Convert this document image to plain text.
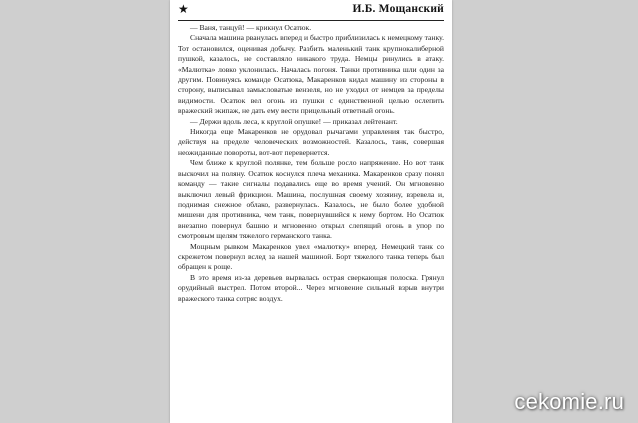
★	И.Б. Мощанский

— Ваня, танцуй! — крикнул Осатюк.

Сначала машина рванулась вперед и быстро приблизилась к немецкому танку. Тот остановился, оценивая добычу. Разбить маленький танк крупнокалиберной пушкой, казалось, не составляло никакого труда. Немцы ринулись в атаку. «Малютка» ловко уклонилась. Началась погоня. Танки противника шли один за другим. Повинуясь команде Осатюка, Макаренков кидал машину из стороны в сторону, выписывал замысловатые вензеля, но не уходил от немцев за пределы видимости. Осатюк вел огонь из пушки с единственной целью ослепить вражеский экипаж, не дать ему вести прицельный ответный огонь.

— Держи вдоль леса, к круглой опушке! — приказал лейтенант.

Никогда еще Макаренков не орудовал рычагами управления так быстро, действуя на пределе человеческих возможностей. Казалось, танк, совершая неожиданные повороты, вот-вот перевернется.

Чем ближе к круглой полянке, тем больше росло напряжение. Но вот танк выскочил на поляну. Осатюк коснулся плеча механика. Макаренков сразу понял команду — такие сигналы подавались еще во время учений. Он мгновенно выключил левый фрикцион. Машина, послушная своему хозяину, взревела и, поднимая снежное облако, развернулась. Казалось, не было более удобной мишени для противника, чем танк, повернувшийся к нему бортом. Но Осатюк внезапно повернул башню и мгновенно открыл слепящий огонь в упор по смотровым щелям тяжелого германского танка.

Мощным рывком Макаренков увел «малютку» вперед. Немецкий танк со скрежетом повернул вслед за нашей машиной. Борт тяжелого танка теперь был обращен к роще.

В это время из-за деревьев вырвалась острая сверкающая полоска. Грянул орудийный выстрел. Потом второй... Через мгновение сильный взрыв внутри вражеского танка сотряс воздух.

cekomie.ru
